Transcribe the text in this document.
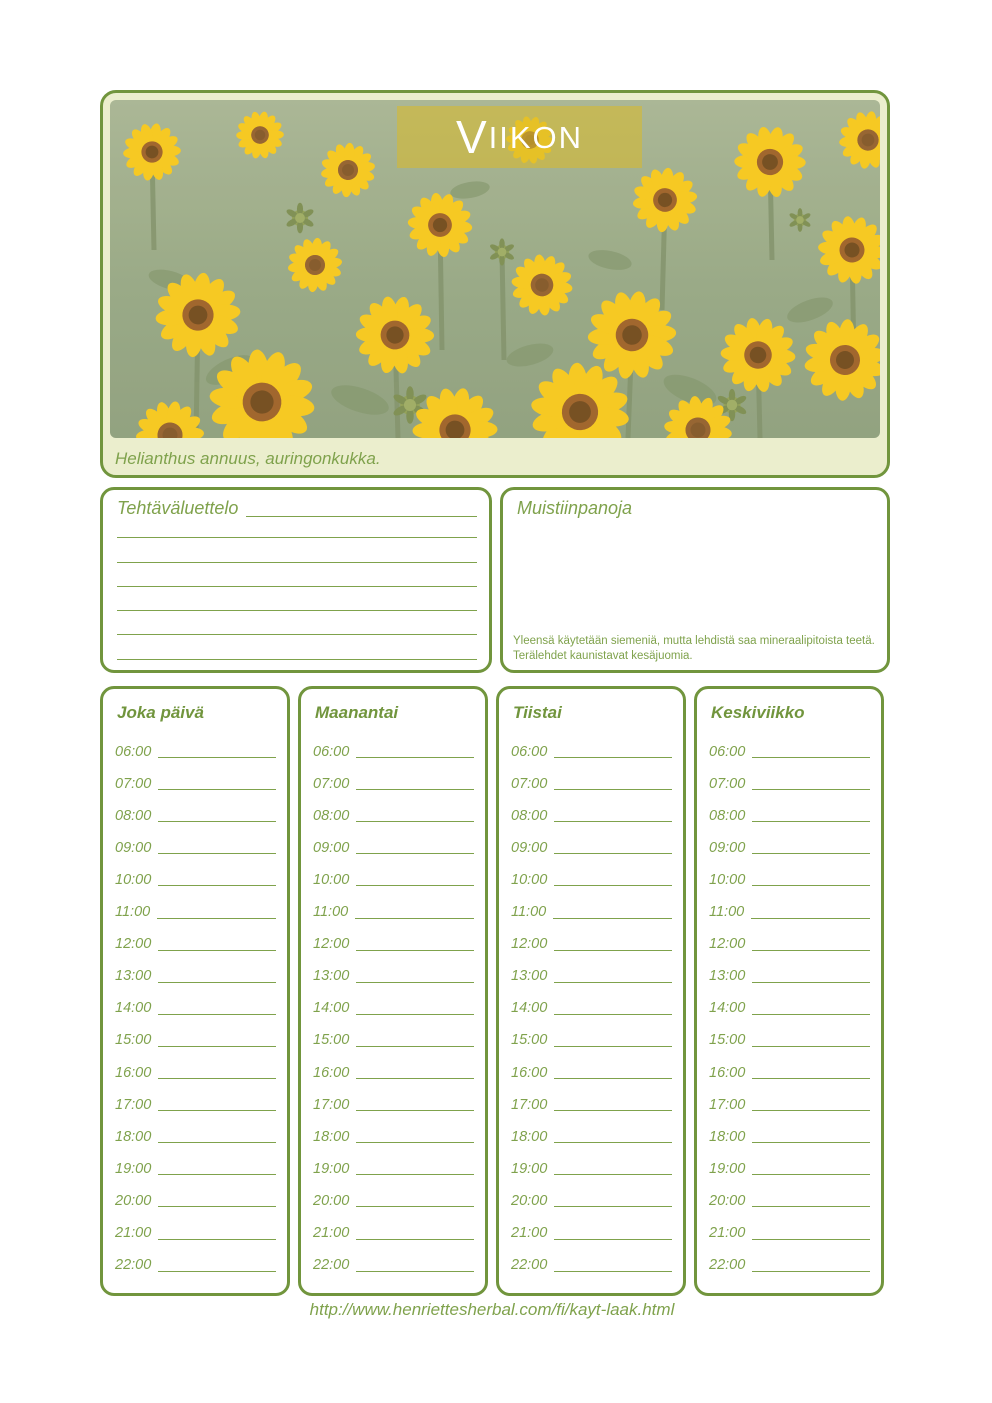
V IIKON
Helianthus annuus, auringonkukka.
Tehtäväluettelo	Muistiinpanoja
Yleensä käytetään siemeniä, mutta lehdistä saa mineraalipitoista teetä. Terälehdet kaunistavat kesäjuomia.
Joka päivä
06:00
07:00
08:00
09:00
10:00
11:00
12:00
13:00
14:00
15:00
16:00
17:00
18:00
19:00
20:00
21:00
22:00
Maanantai
06:00
07:00
08:00
09:00
10:00
11:00
12:00
13:00
14:00
15:00
16:00
17:00
18:00
19:00
20:00
21:00
22:00
Tiistai
06:00
07:00
08:00
09:00
10:00
11:00
12:00
13:00
14:00
15:00
16:00
17:00
18:00
19:00
20:00
21:00
22:00
Keskiviikko
06:00
07:00
08:00
09:00
10:00
11:00
12:00
13:00
14:00
15:00
16:00
17:00
18:00
19:00
20:00
21:00
22:00
http://www.henriettesherbal.com/fi/kayt-laak.html
